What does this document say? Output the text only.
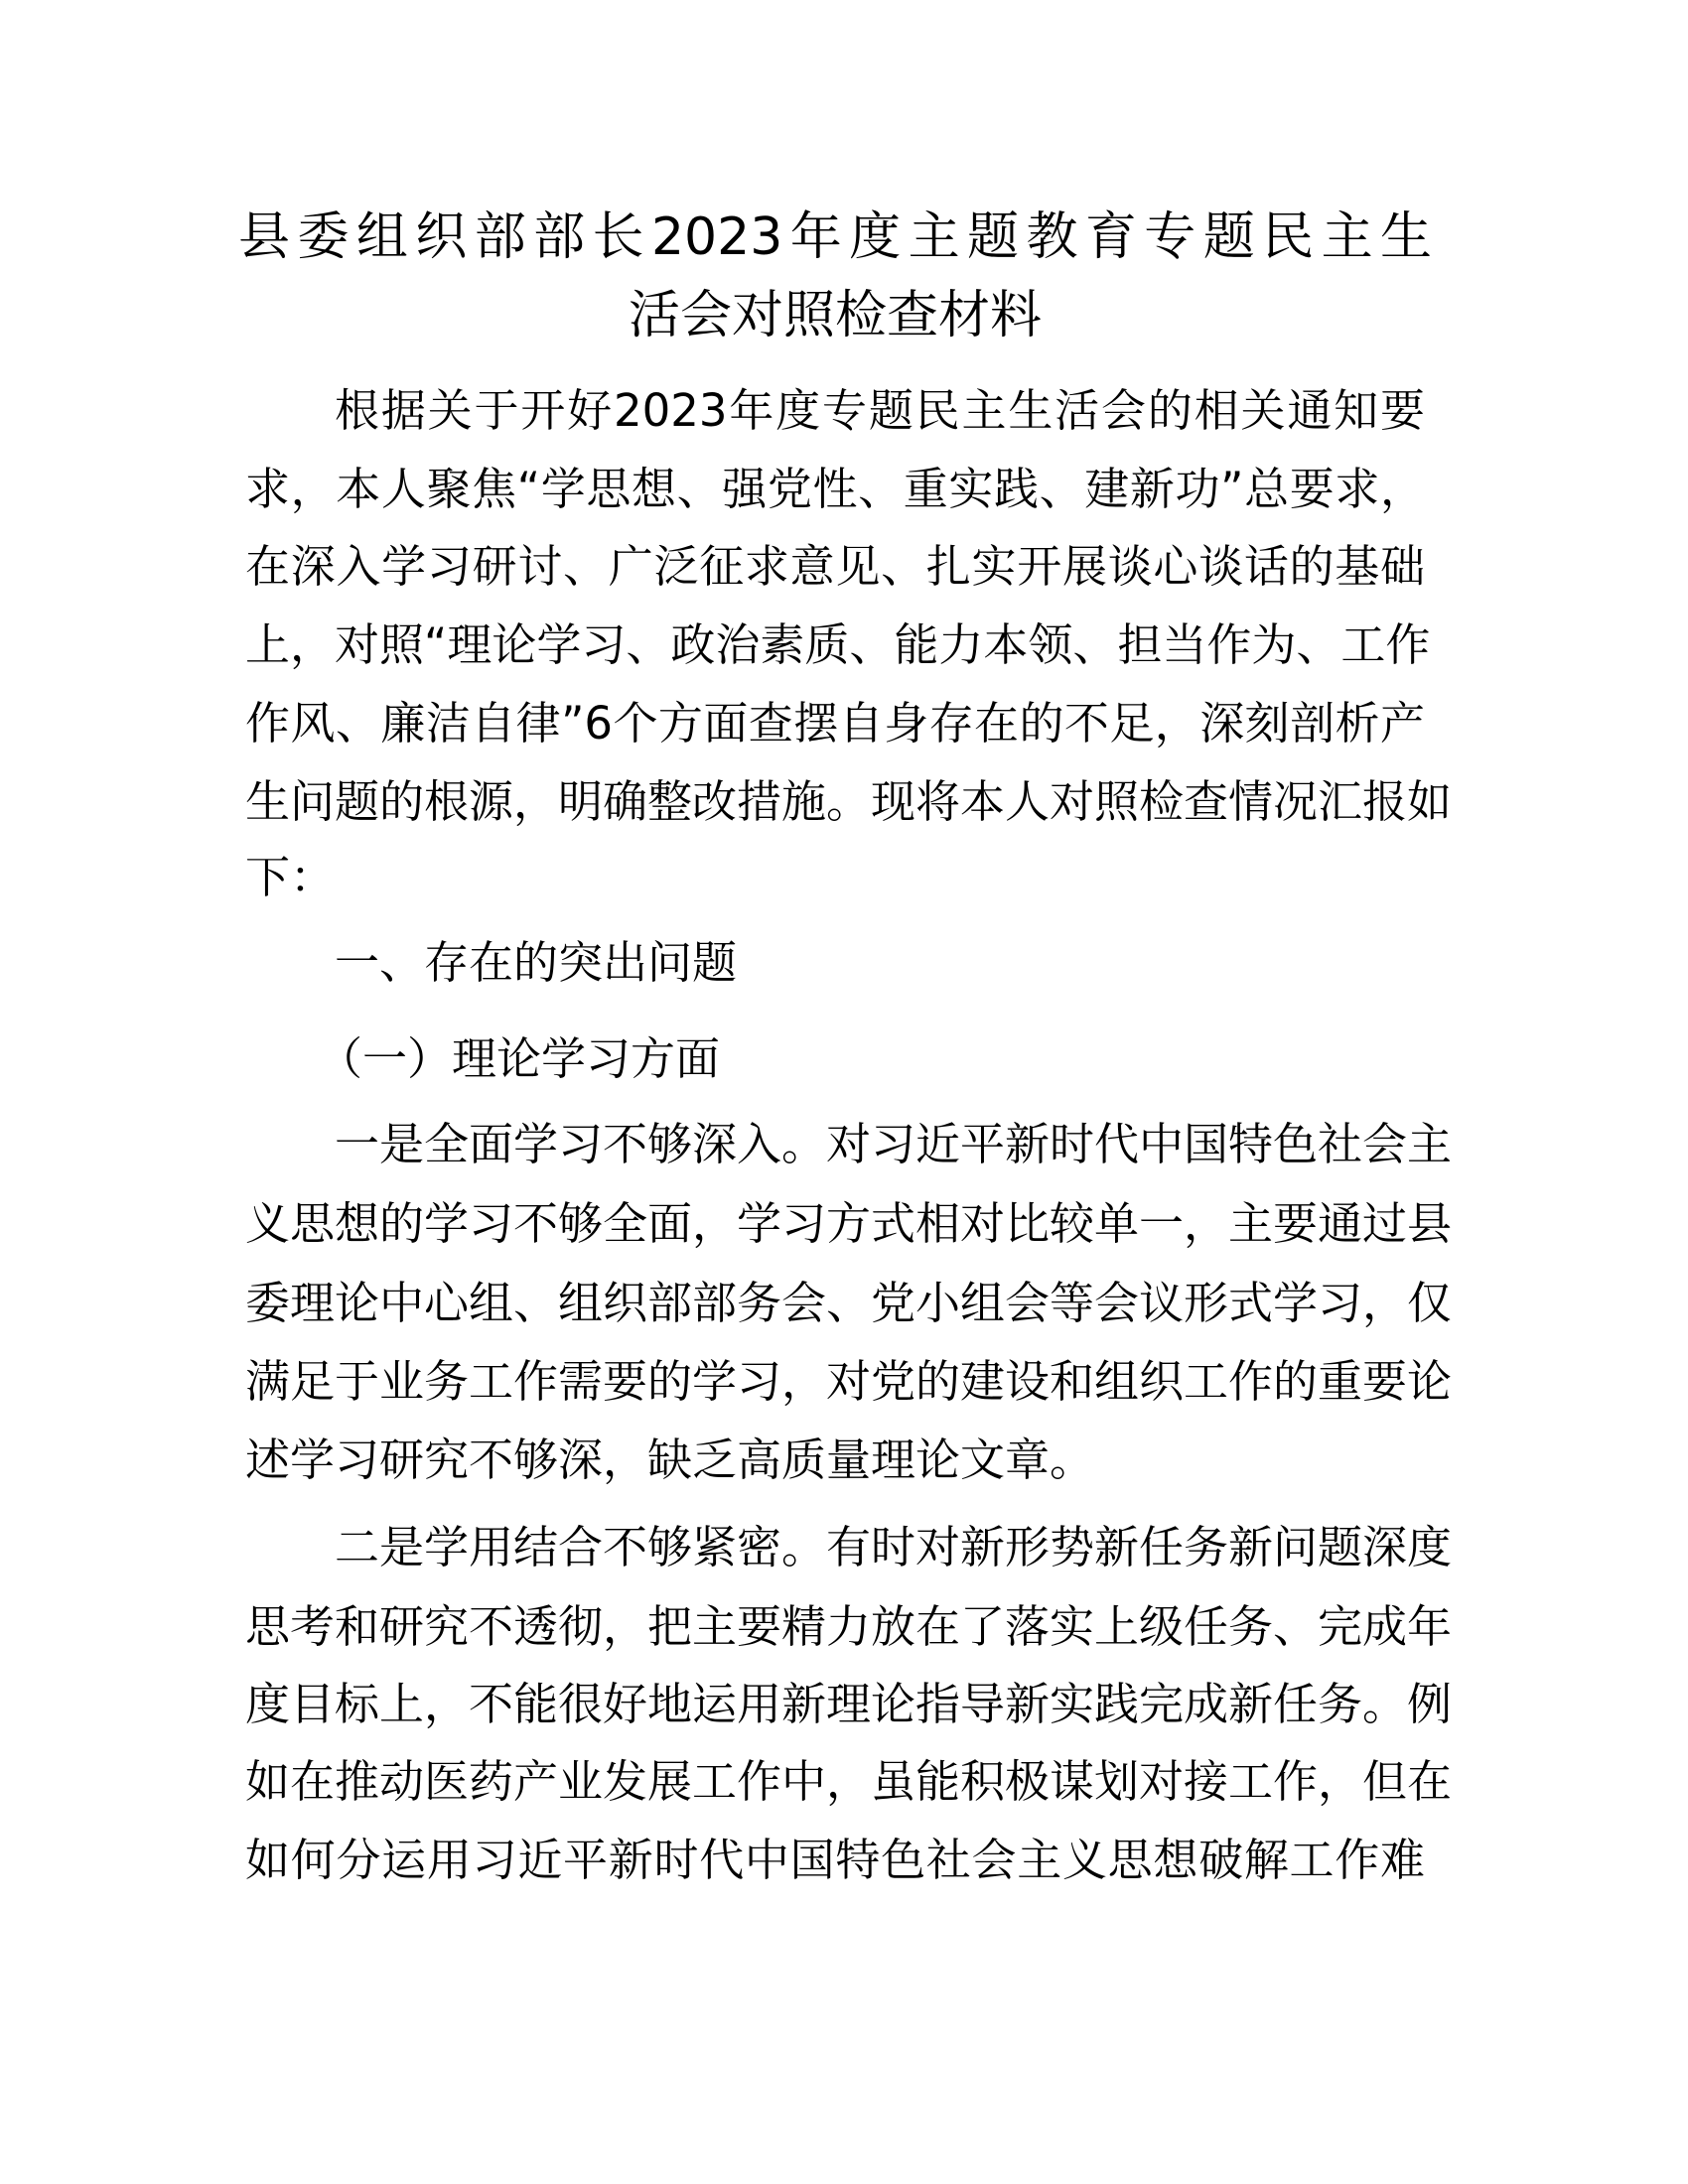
县委组织部部长2023年度主题教育专题民主生
活会对照检查材料
根据关于开好2023年度专题民主生活会的相关通知要
求，本人聚焦“学思想、强党性、重实践、建新功”总要求，
在深入学习研讨、广泛征求意见、扎实开展谈心谈话的基础
上，对照“理论学习、政治素质、能力本领、担当作为、工作
作风、廉洁自律”6个方面查摆自身存在的不足，深刻剖析产
生问题的根源，明确整改措施。现将本人对照检查情况汇报如
下：
一、存在的突出问题
（一）理论学习方面
一是全面学习不够深入。对习近平新时代中国特色社会主
义思想的学习不够全面，学习方式相对比较单一，主要通过县
委理论中心组、组织部部务会、党小组会等会议形式学习，仅
满足于业务工作需要的学习，对党的建设和组织工作的重要论
述学习研究不够深，缺乏高质量理论文章。
二是学用结合不够紧密。有时对新形势新任务新问题深度
思考和研究不透彻，把主要精力放在了落实上级任务、完成年
度目标上，不能很好地运用新理论指导新实践完成新任务。例
如在推动医药产业发展工作中，虽能积极谋划对接工作，但在
如何分运用习近平新时代中国特色社会主义思想破解工作难
